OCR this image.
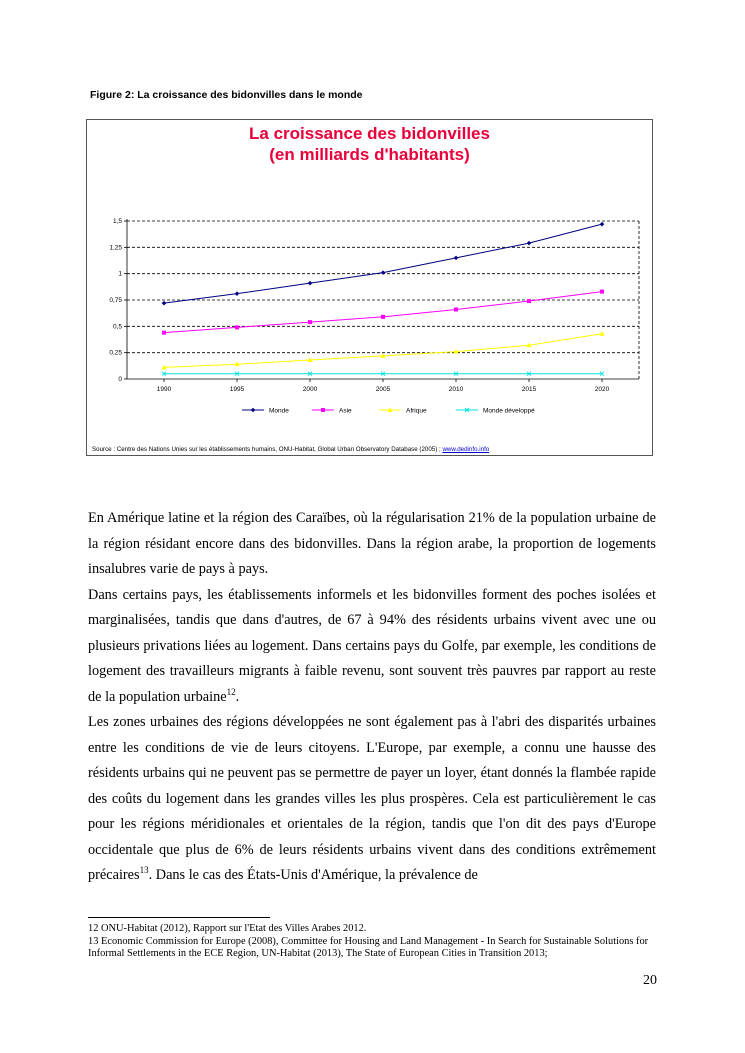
Figure 2: La croissance des bidonvilles dans le monde
La croissance des bidonvilles
(en milliards d'habitants)
0
0,25
0,5
0,75
1
1,25
1,5
1990	1995	2000	2005	2010	2015	2020
Monde	Asie	Afrique	Monde développé
Source : Centre des Nations Unies sur les établissements humains, ONU-Habitat, Global Urban Observatory Database (2005) ; www.dedinfo.info

En Amérique latine et la région des Caraïbes, où la régularisation 21% de la population urbaine de la région résidant encore dans des bidonvilles. Dans la région arabe, la proportion de logements insalubres varie de pays à pays.

Dans certains pays, les établissements informels et les bidonvilles forment des poches isolées et marginalisées, tandis que dans d'autres, de 67 à 94% des résidents urbains vivent avec une ou plusieurs privations liées au logement. Dans certains pays du Golfe, par exemple, les conditions de logement des travailleurs migrants à faible revenu, sont souvent très pauvres par rapport au reste de la population urbaine$^{12}$.

Les zones urbaines des régions développées ne sont également pas à l'abri des disparités urbaines entre les conditions de vie de leurs citoyens. L'Europe, par exemple, a connu une hausse des résidents urbains qui ne peuvent pas se permettre de payer un loyer, étant donnés la flambée rapide des coûts du logement dans les grandes villes les plus prospères. Cela est particulièrement le cas pour les régions méridionales et orientales de la région, tandis que l'on dit des pays d'Europe occidentale que plus de 6% de leurs résidents urbains vivent dans des conditions extrêmement précaires$^{13}$. Dans le cas des États-Unis d'Amérique, la prévalence de

12 ONU-Habitat (2012), Rapport sur l'Etat des Villes Arabes 2012.

13 Economic Commission for Europe (2008), Committee for Housing and Land Management - In Search for Sustainable Solutions for Informal Settlements in the ECE Region, UN-Habitat (2013), The State of European Cities in Transition 2013;

20
